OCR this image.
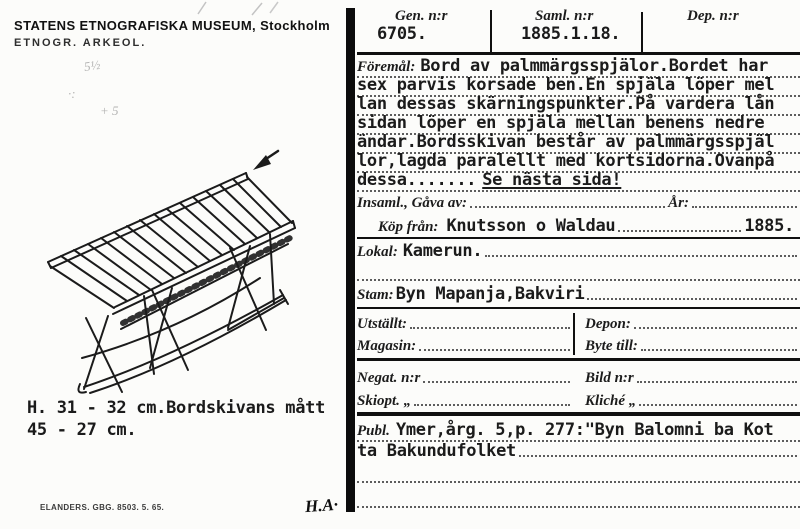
STATENS ETNOGRAFISKA MUSEUM, Stockholm
ETNOGR. ARKEOL.
5½
·:
+ 5
H. 31 - 32 cm.Bordskivans mått
45 - 27 cm.
ELANDERS. GBG. 8503. 5. 65.	H.A·
Gen. n:r
6705.
Saml. n:r
1885.1.18.
Dep. n:r
Föremål: Bord av palmmärgsspjälor.Bordet har
sex parvis korsade ben.En spjäla löper mel
lan dessas skärningspunkter.På vardera lån
sidan löper en spjäla mellan benens nedre
ändar.Bordsskivan består av palmmärgsspjäl
lor,lagda paralellt med kortsidorna.Ovanpå
dessa....... Se nästa sida!
Insaml., Gåva av:	År:
Köp från: Knutsson o Waldau	1885.
Lokal: Kamerun.
Stam: Byn Mapanja,Bakviri
Utställt:	Depon:
Magasin:	Byte till:
Negat. n:r	Bild n:r
Skiopt. „	Kliché „
Publ. Ymer,årg. 5,p. 277:"Byn Balomni ba Kot
ta Bakundufolket
